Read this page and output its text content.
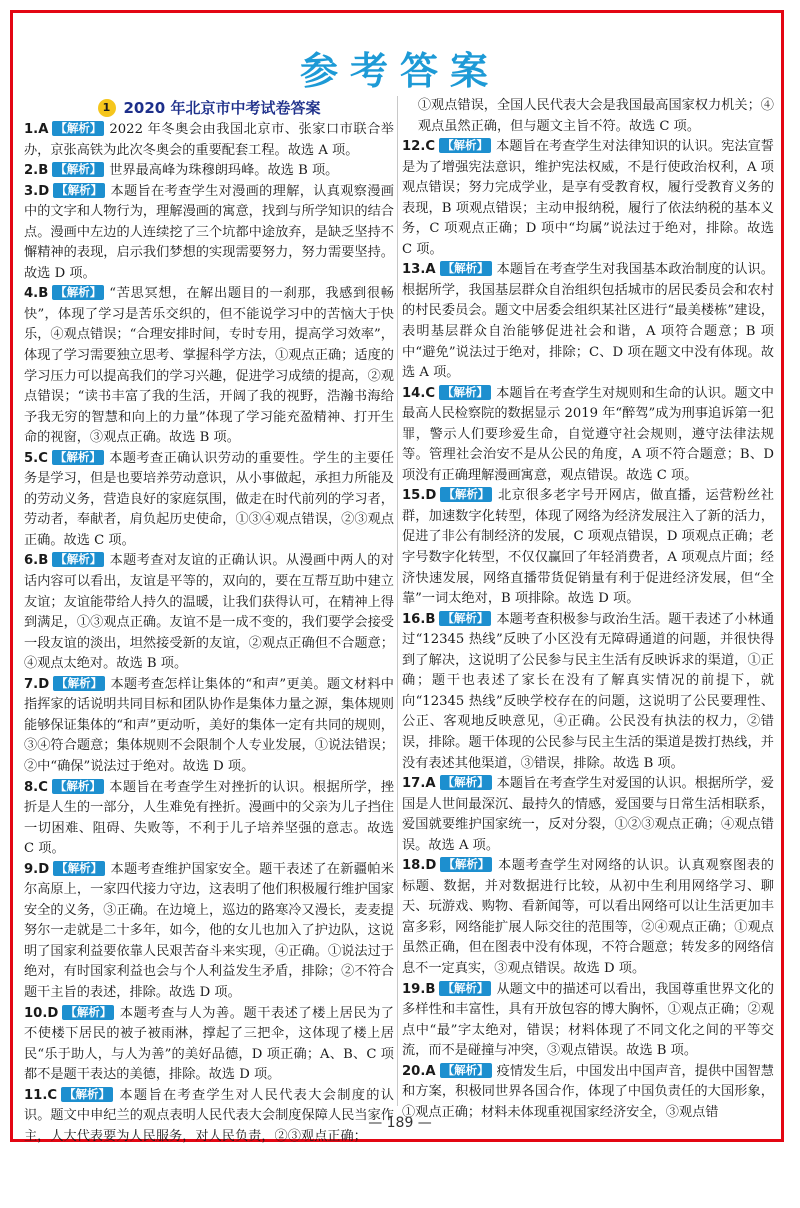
参考答案
1 2020 年北京市中考试卷答案
1.A 【解析】 2022 年冬奥会由我国北京市、张家口市联合举办，京张高铁为此次冬奥会的重要配套工程。故选 A 项。
2.B 【解析】 世界最高峰为珠穆朗玛峰。故选 B 项。
3.D 【解析】 本题旨在考查学生对漫画的理解，认真观察漫画中的文字和人物行为，理解漫画的寓意，找到与所学知识的结合点。漫画中左边的人连续挖了三个坑都中途放弃，是缺乏坚持不懈精神的表现，启示我们梦想的实现需要努力，努力需要坚持。故选 D 项。
4.B 【解析】 “苦思冥想，在解出题目的一刹那，我感到很畅快”，体现了学习是苦乐交织的，但不能说学习中的苦恼大于快乐，④观点错误；“合理安排时间，专时专用，提高学习效率”，体现了学习需要独立思考、掌握科学方法，①观点正确；适度的学习压力可以提高我们的学习兴趣，促进学习成绩的提高，②观点错误；“读书丰富了我的生活，开阔了我的视野，浩瀚书海给予我无穷的智慧和向上的力量”体现了学习能充盈精神、打开生命的视窗，③观点正确。故选 B 项。
5.C 【解析】 本题考查正确认识劳动的重要性。学生的主要任务是学习，但是也要培养劳动意识，从小事做起，承担力所能及的劳动义务，营造良好的家庭氛围，做走在时代前列的学习者，劳动者，奉献者，肩负起历史使命，①③④观点错误，②③观点正确。故选 C 项。
6.B 【解析】 本题考查对友谊的正确认识。从漫画中两人的对话内容可以看出，友谊是平等的，双向的，要在互帮互助中建立友谊；友谊能带给人持久的温暖，让我们获得认可，在精神上得到满足，①③观点正确。友谊不是一成不变的，我们要学会接受一段友谊的淡出，坦然接受新的友谊，②观点正确但不合题意；④观点太绝对。故选 B 项。
7.D 【解析】 本题考查怎样让集体的“和声”更美。题文材料中指挥家的话说明共同目标和团队协作是集体力量之源，集体规则能够保证集体的“和声”更动听，美好的集体一定有共同的规则，③④符合题意；集体规则不会限制个人专业发展，①说法错误；②中“确保”说法过于绝对。故选 D 项。
8.C 【解析】 本题旨在考查学生对挫折的认识。根据所学，挫折是人生的一部分，人生难免有挫折。漫画中的父亲为儿子挡住一切困难、阻碍、失败等，不利于儿子培养坚强的意志。故选 C 项。
9.D 【解析】 本题考查维护国家安全。题干表述了在新疆帕米尔高原上，一家四代接力守边，这表明了他们积极履行维护国家安全的义务，③正确。在边境上，巡边的路寒冷又漫长，麦麦提努尔一走就是二十多年，如今，他的女儿也加入了护边队，这说明了国家利益要依靠人民艰苦奋斗来实现，④正确。①说法过于绝对，有时国家利益也会与个人利益发生矛盾，排除；②不符合题干主旨的表述，排除。故选 D 项。
10.D 【解析】 本题考查与人为善。题干表述了楼上居民为了不使楼下居民的被子被雨淋，撑起了三把伞，这体现了楼上居民“乐于助人，与人为善”的美好品德，D 项正确；A、B、C 项都不是题干表达的美德，排除。故选 D 项。
11.C 【解析】 本题旨在考查学生对人民代表大会制度的认识。题文中申纪兰的观点表明人民代表大会制度保障人民当家作主，人大代表要为人民服务，对人民负责，②③观点正确；
①观点错误，全国人民代表大会是我国最高国家权力机关；④观点虽然正确，但与题文主旨不符。故选 C 项。
12.C 【解析】 本题旨在考查学生对法律知识的认识。宪法宣誓是为了增强宪法意识，维护宪法权威，不是行使政治权利，A 项观点错误；努力完成学业，是享有受教育权，履行受教育义务的表现，B 项观点错误；主动申报纳税，履行了依法纳税的基本义务，C 项观点正确；D 项中“均属”说法过于绝对，排除。故选 C 项。
13.A 【解析】 本题旨在考查学生对我国基本政治制度的认识。根据所学，我国基层群众自治组织包括城市的居民委员会和农村的村民委员会。题文中居委会组织某社区进行“最美楼栋”建设，表明基层群众自治能够促进社会和谐，A 项符合题意；B 项中“避免”说法过于绝对，排除；C、D 项在题文中没有体现。故选 A 项。
14.C 【解析】 本题旨在考查学生对规则和生命的认识。题文中最高人民检察院的数据显示 2019 年“醉驾”成为刑事追诉第一犯罪，警示人们要珍爱生命，自觉遵守社会规则，遵守法律法规等。管理社会治安不是从公民的角度，A 项不符合题意；B、D 项没有正确理解漫画寓意，观点错误。故选 C 项。
15.D 【解析】 北京很多老字号开网店，做直播，运营粉丝社群，加速数字化转型，体现了网络为经济发展注入了新的活力，促进了非公有制经济的发展，C 项观点错误，D 项观点正确；老字号数字化转型，不仅仅赢回了年轻消费者，A 项观点片面；经济快速发展，网络直播带货促销量有利于促进经济发展，但“全靠”一词太绝对，B 项排除。故选 D 项。
16.B 【解析】 本题考查积极参与政治生活。题干表述了小林通过“12345 热线”反映了小区没有无障碍通道的问题，并很快得到了解决，这说明了公民参与民主生活有反映诉求的渠道，①正确；题干也表述了家长在没有了解真实情况的前提下，就向“12345 热线”反映学校存在的问题，这说明了公民要理性、公正、客观地反映意见，④正确。公民没有执法的权力，②错误，排除。题干体现的公民参与民主生活的渠道是拨打热线，并没有表述其他渠道，③错误，排除。故选 B 项。
17.A 【解析】 本题旨在考查学生对爱国的认识。根据所学，爱国是人世间最深沉、最持久的情感，爱国要与日常生活相联系，爱国就要维护国家统一，反对分裂，①②③观点正确；④观点错误。故选 A 项。
18.D 【解析】 本题考查学生对网络的认识。认真观察图表的标题、数据，并对数据进行比较，从初中生利用网络学习、聊天、玩游戏、购物、看新闻等，可以看出网络可以让生活更加丰富多彩，网络能扩展人际交往的范围等，②④观点正确；①观点虽然正确，但在图表中没有体现，不符合题意；转发多的网络信息不一定真实，③观点错误。故选 D 项。
19.B 【解析】 从题文中的描述可以看出，我国尊重世界文化的多样性和丰富性，具有开放包容的博大胸怀，①观点正确；②观点中“最”字太绝对，错误；材料体现了不同文化之间的平等交流，而不是碰撞与冲突，③观点错误。故选 B 项。
20.A 【解析】 疫情发生后，中国发出中国声音，提供中国智慧和方案，积极同世界各国合作，体现了中国负责任的大国形象，①观点正确；材料未体现重视国家经济安全，③观点错
— 189 —
